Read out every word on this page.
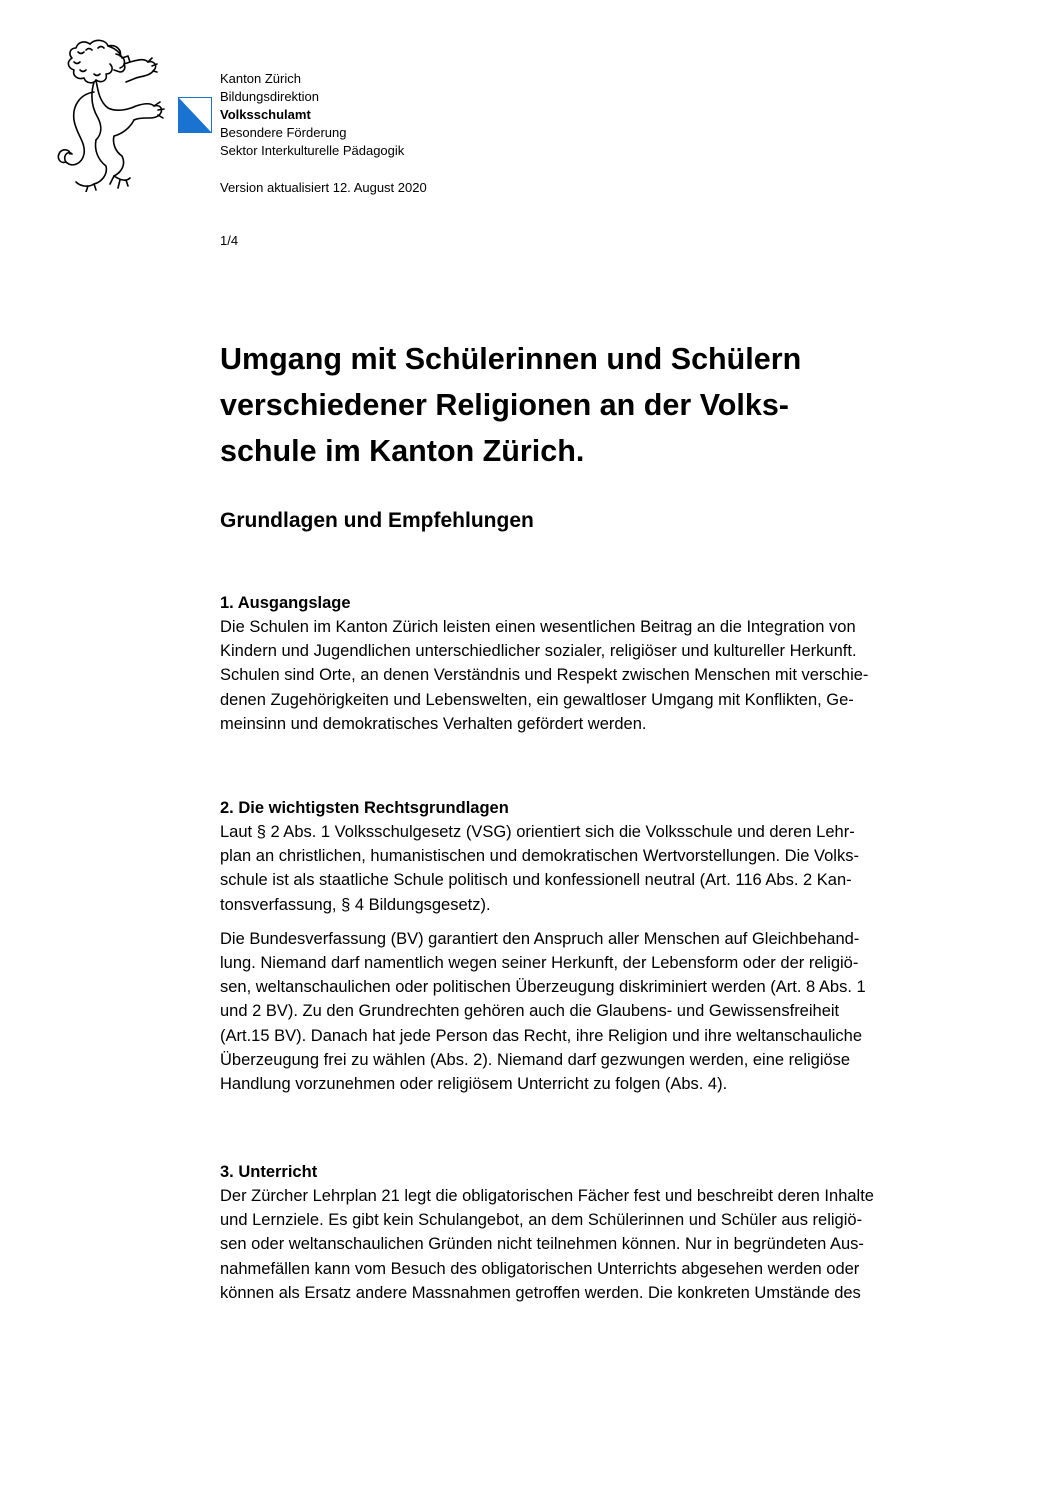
Kanton Zürich
Bildungsdirektion
Volksschulamt
Besondere Förderung
Sektor Interkulturelle Pädagogik
Version aktualisiert 12. August 2020
1/4
Umgang mit Schülerinnen und Schülern
verschiedener Religionen an der Volks-
schule im Kanton Zürich.
Grundlagen und Empfehlungen
1. Ausgangslage

Die Schulen im Kanton Zürich leisten einen wesentlichen Beitrag an die Integration von
Kindern und Jugendlichen unterschiedlicher sozialer, religiöser und kultureller Herkunft.
Schulen sind Orte, an denen Verständnis und Respekt zwischen Menschen mit verschie-
denen Zugehörigkeiten und Lebenswelten, ein gewaltloser Umgang mit Konflikten, Ge-
meinsinn und demokratisches Verhalten gefördert werden.

2. Die wichtigsten Rechtsgrundlagen

Laut § 2 Abs. 1 Volksschulgesetz (VSG) orientiert sich die Volksschule und deren Lehr-
plan an christlichen, humanistischen und demokratischen Wertvorstellungen. Die Volks-
schule ist als staatliche Schule politisch und konfessionell neutral (Art. 116 Abs. 2 Kan-
tonsverfassung, § 4 Bildungsgesetz).

Die Bundesverfassung (BV) garantiert den Anspruch aller Menschen auf Gleichbehand-
lung. Niemand darf namentlich wegen seiner Herkunft, der Lebensform oder der religiö-
sen, weltanschaulichen oder politischen Überzeugung diskriminiert werden (Art. 8 Abs. 1
und 2 BV). Zu den Grundrechten gehören auch die Glaubens- und Gewissensfreiheit
(Art.15 BV). Danach hat jede Person das Recht, ihre Religion und ihre weltanschauliche
Überzeugung frei zu wählen (Abs. 2). Niemand darf gezwungen werden, eine religiöse
Handlung vorzunehmen oder religiösem Unterricht zu folgen (Abs. 4).

3. Unterricht

Der Zürcher Lehrplan 21 legt die obligatorischen Fächer fest und beschreibt deren Inhalte
und Lernziele. Es gibt kein Schulangebot, an dem Schülerinnen und Schüler aus religiö-
sen oder weltanschaulichen Gründen nicht teilnehmen können. Nur in begründeten Aus-
nahmefällen kann vom Besuch des obligatorischen Unterrichts abgesehen werden oder
können als Ersatz andere Massnahmen getroffen werden. Die konkreten Umstände des
